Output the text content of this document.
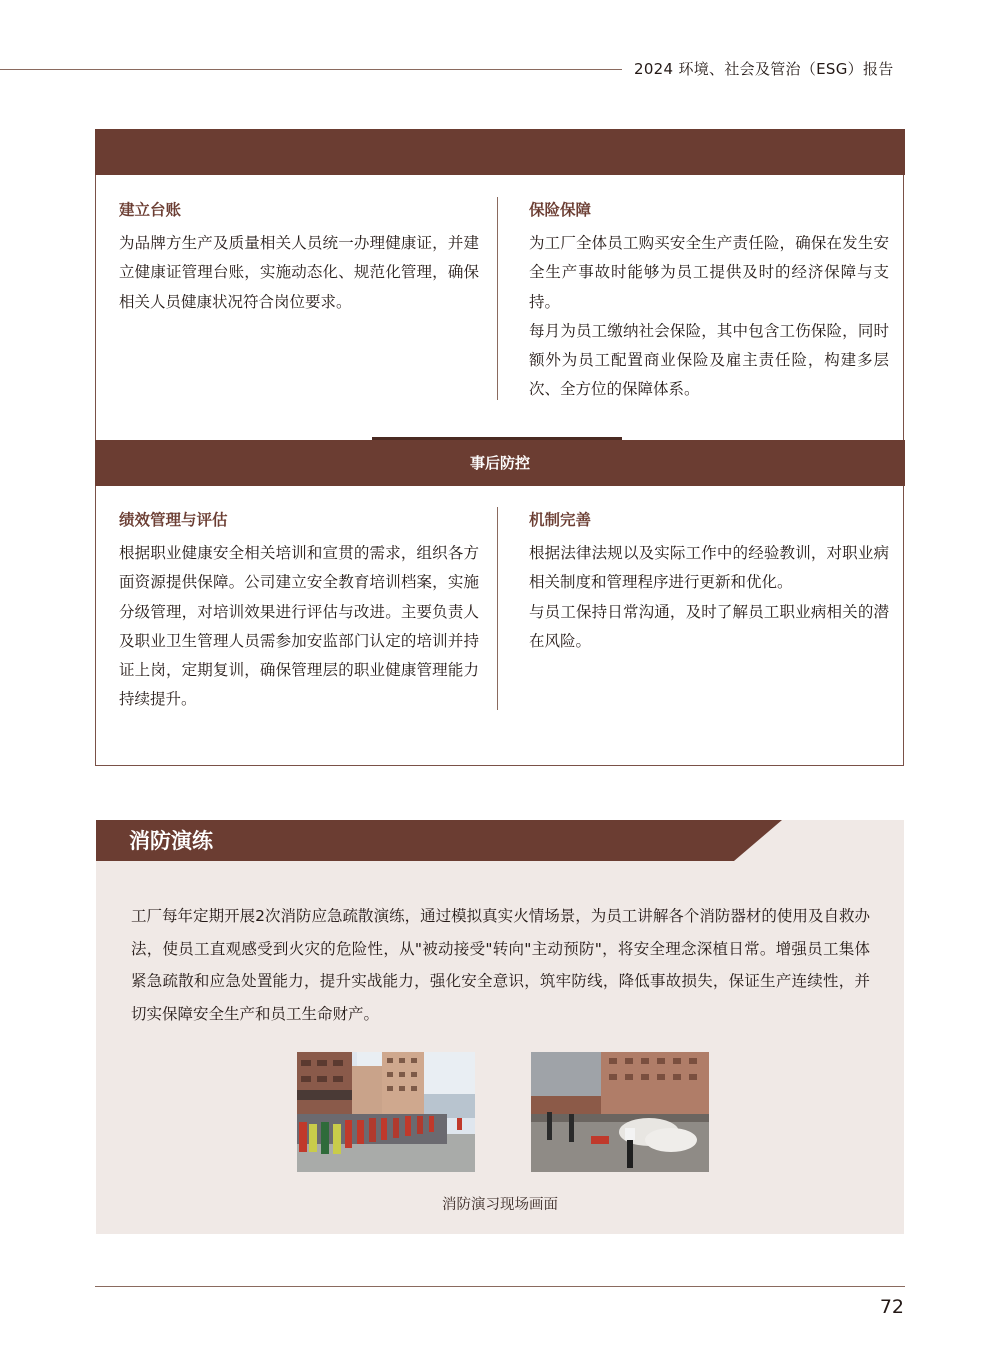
2024 环境、社会及管治（ESG）报告
建立台账
为品牌方生产及质量相关人员统一办理健康证，并建立健康证管理台账，实施动态化、规范化管理，确保相关人员健康状况符合岗位要求。
保险保障
为工厂全体员工购买安全生产责任险，确保在发生安全生产事故时能够为员工提供及时的经济保障与支持。
每月为员工缴纳社会保险，其中包含工伤保险，同时额外为员工配置商业保险及雇主责任险，构建多层次、全方位的保障体系。
事后防控
绩效管理与评估
根据职业健康安全相关培训和宣贯的需求，组织各方面资源提供保障。公司建立安全教育培训档案，实施分级管理，对培训效果进行评估与改进。主要负责人及职业卫生管理人员需参加安监部门认定的培训并持证上岗，定期复训，确保管理层的职业健康管理能力持续提升。
机制完善
根据法律法规以及实际工作中的经验教训，对职业病相关制度和管理程序进行更新和优化。
与员工保持日常沟通，及时了解员工职业病相关的潜在风险。
消防演练
工厂每年定期开展2次消防应急疏散演练，通过模拟真实火情场景，为员工讲解各个消防器材的使用及自救办法，使员工直观感受到火灾的危险性，从"被动接受"转向"主动预防"，将安全理念深植日常。增强员工集体紧急疏散和应急处置能力，提升实战能力，强化安全意识，筑牢防线，降低事故损失，保证生产连续性，并切实保障安全生产和员工生命财产。
消防演习现场画面
72
